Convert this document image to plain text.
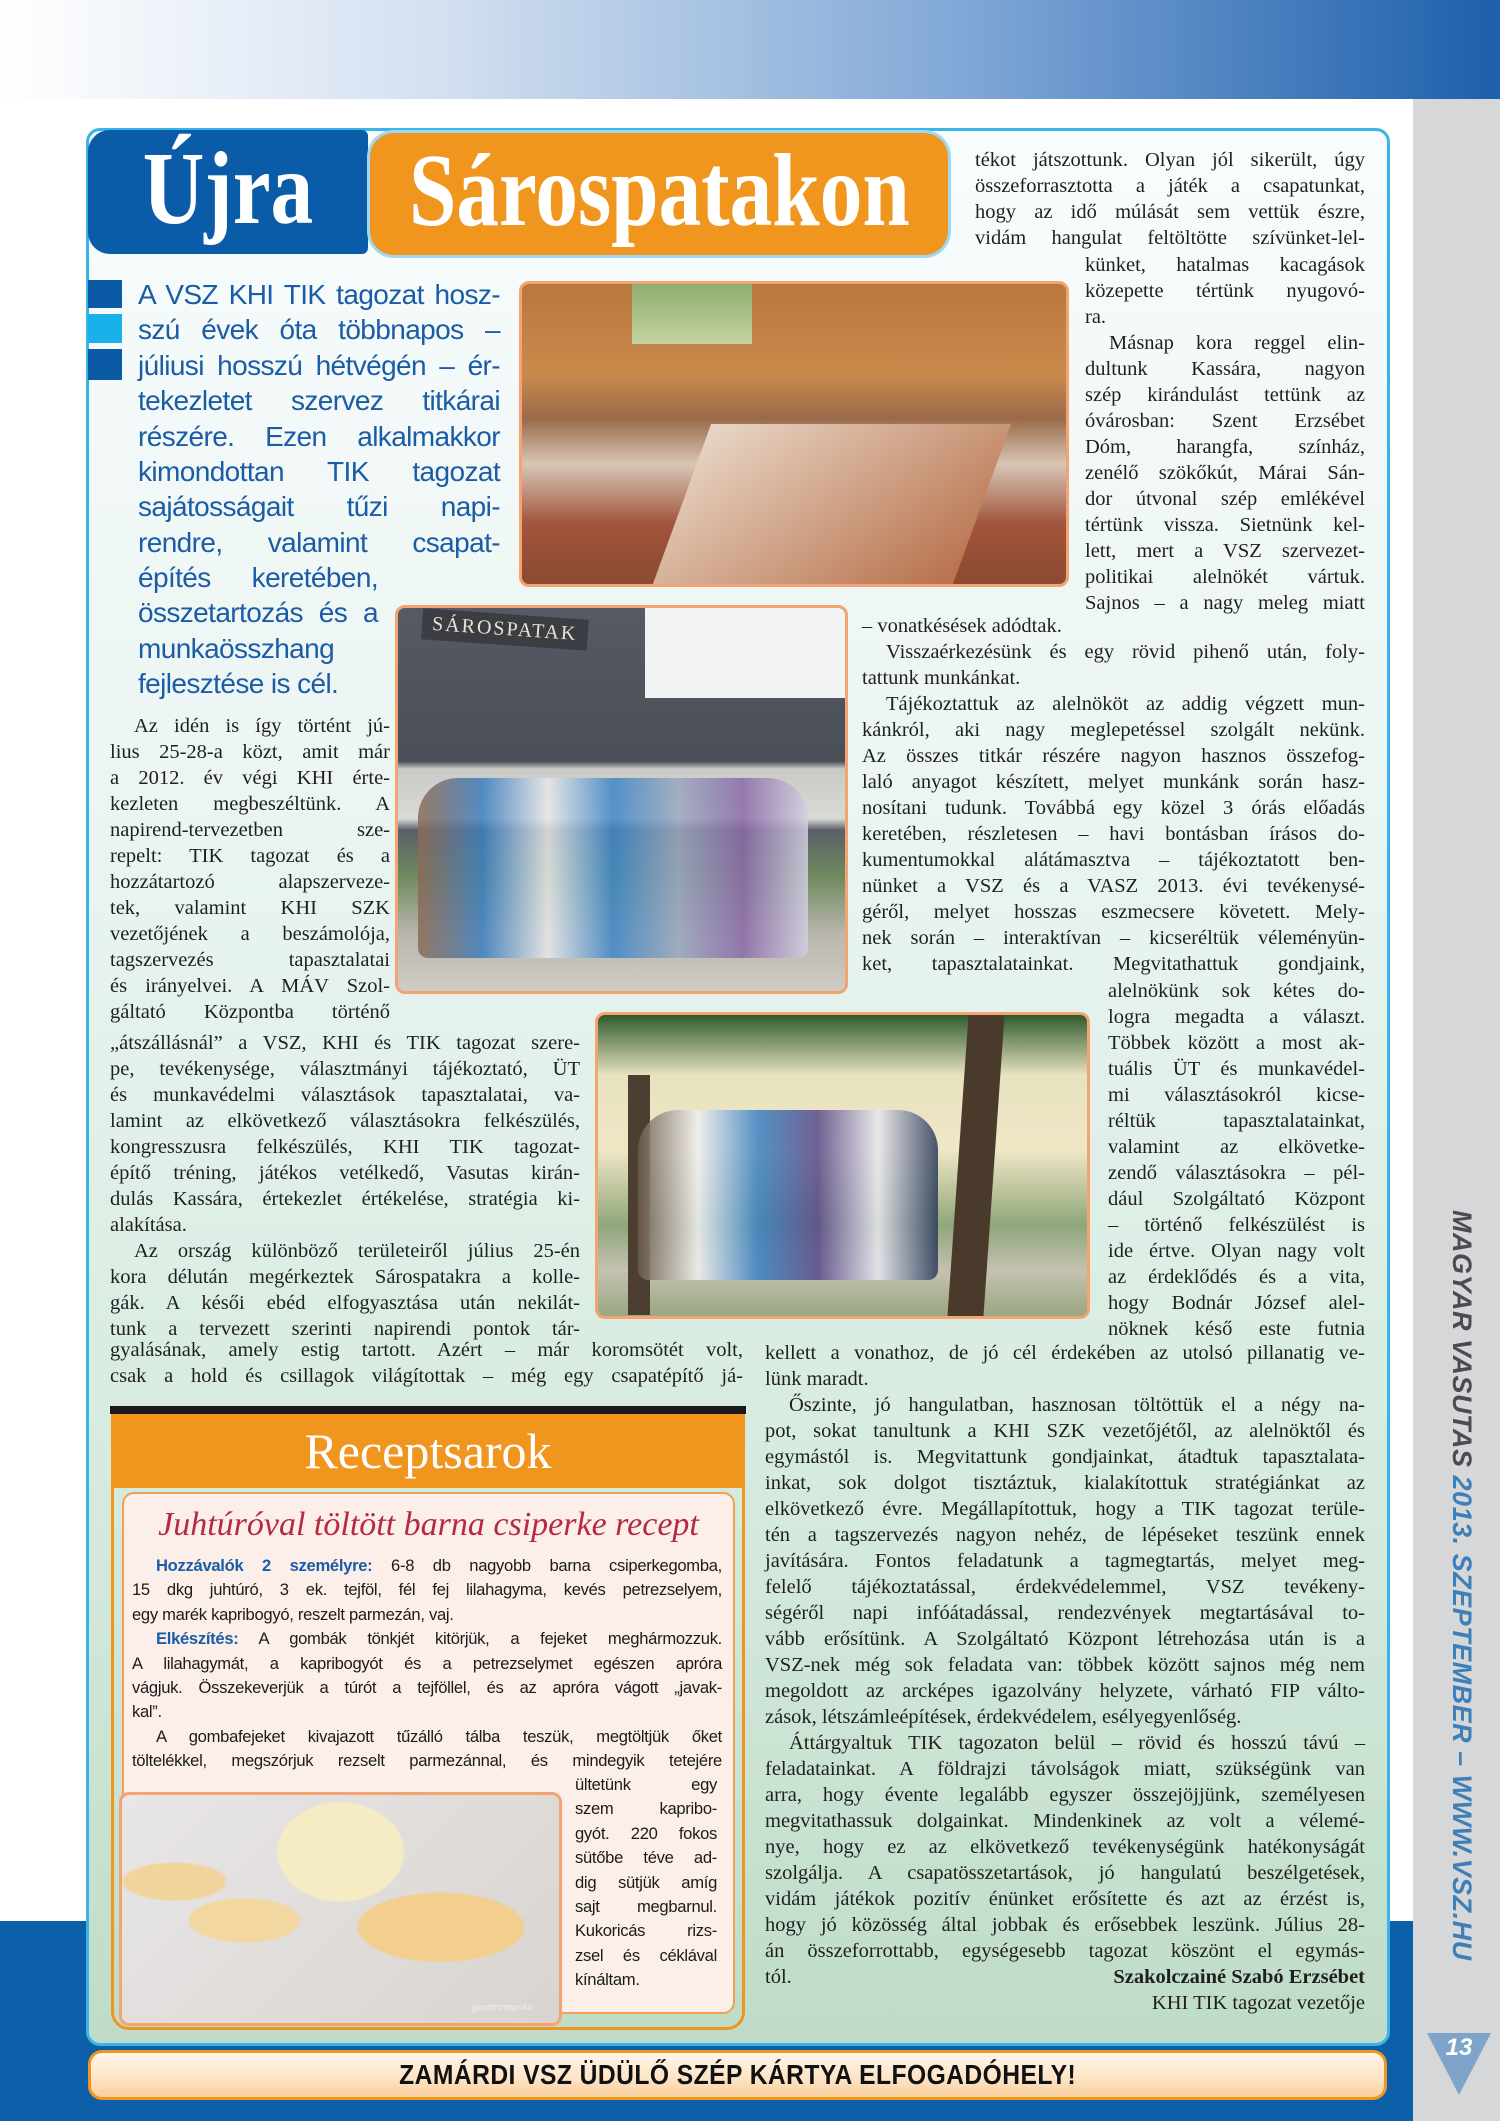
Újra Sárospatakon
A VSZ KHI TIK tagozat hosz-
szú évek óta többnapos –
júliusi hosszú hétvégén – ér-
tekezletet szervez titkárai
részére. Ezen alkalmakkor
kimondottan TIK tagozat
sajátosságait tűzi napi-
rendre, valamint csapat-
építés keretében,
összetartozás és a
munkaösszhang
fejlesztése is cél.
SÁROSPATAK
Az idén is így történt jú-
lius 25-28-a közt, amit már
a 2012. év végi KHI érte-
kezleten megbeszéltünk. A
napirend-tervezetben sze-
repelt: TIK tagozat és a
hozzátartozó alapszerveze-
tek, valamint KHI SZK
vezetőjének a beszámolója,
tagszervezés tapasztalatai
és irányelvei. A MÁV Szol-
gáltató Központba történő
„átszállásnál” a VSZ, KHI és TIK tagozat szere-
pe, tevékenysége, választmányi tájékoztató, ÜT
és munkavédelmi választások tapasztalatai, va-
lamint az elkövetkező választásokra felkészülés,
kongresszusra felkészülés, KHI TIK tagozat-
építő tréning, játékos vetélkedő, Vasutas kirán-
dulás Kassára, értekezlet értékelése, stratégia ki-
alakítása.
Az ország különböző területeiről július 25-én
kora délután megérkeztek Sárospatakra a kolle-
gák. A késői ebéd elfogyasztása után nekilát-
tunk a tervezett szerinti napirendi pontok tár-
gyalásának, amely estig tartott. Azért – már koromsötét volt,
csak a hold és csillagok világítottak – még egy csapatépítő já-
tékot játszottunk. Olyan jól sikerült, úgy
összeforrasztotta a játék a csapatunkat,
hogy az idő múlását sem vettük észre,
vidám hangulat feltöltötte szívünket-lel-
künket, hatalmas kacagások
közepette tértünk nyugovó-
ra.
Másnap kora reggel elin-
dultunk Kassára, nagyon
szép kirándulást tettünk az
óvárosban: Szent Erzsébet
Dóm, harangfa, színház,
zenélő szökőkút, Márai Sán-
dor útvonal szép emlékével
tértünk vissza. Sietnünk kel-
lett, mert a VSZ szervezet-
politikai alelnökét vártuk.
Sajnos – a nagy meleg miatt
– vonatkésések adódtak.
Visszaérkezésünk és egy rövid pihenő után, foly-
tattunk munkánkat.
Tájékoztattuk az alelnököt az addig végzett mun-
kánkról, aki nagy meglepetéssel szolgált nekünk.
Az összes titkár részére nagyon hasznos összefog-
laló anyagot készített, melyet munkánk során hasz-
nosítani tudunk. Továbbá egy közel 3 órás előadás
keretében, részletesen – havi bontásban írásos do-
kumentumokkal alátámasztva – tájékoztatott ben-
nünket a VSZ és a VASZ 2013. évi tevékenysé-
géről, melyet hosszas eszmecsere követett. Mely-
nek során – interaktívan – kicseréltük véleményün-
ket, tapasztalatainkat. Megvitathattuk gondjaink,
alelnökünk sok kétes do-
logra megadta a választ.
Többek között a most ak-
tuális ÜT és munkavédel-
mi választásokról kicse-
réltük tapasztalatainkat,
valamint az elkövetke-
zendő választásokra – pél-
dául Szolgáltató Központ
– történő felkészülést is
ide értve. Olyan nagy volt
az érdeklődés és a vita,
hogy Bodnár József alel-
nöknek késő este futnia
kellett a vonathoz, de jó cél érdekében az utolsó pillanatig ve-
lünk maradt.
Őszinte, jó hangulatban, hasznosan töltöttük el a négy na-
pot, sokat tanultunk a KHI SZK vezetőjétől, az alelnöktől és
egymástól is. Megvitattunk gondjainkat, átadtuk tapasztalata-
inkat, sok dolgot tisztáztuk, kialakítottuk stratégiánkat az
elkövetkező évre. Megállapítottuk, hogy a TIK tagozat terüle-
tén a tagszervezés nagyon nehéz, de lépéseket teszünk ennek
javítására. Fontos feladatunk a tagmegtartás, melyet meg-
felelő tájékoztatással, érdekvédelemmel, VSZ tevékeny-
ségéről napi infóátadással, rendezvények megtartásával to-
vább erősítünk. A Szolgáltató Központ létrehozása után is a
VSZ-nek még sok feladata van: többek között sajnos még nem
megoldott az arcképes igazolvány helyzete, várható FIP válto-
zások, létszámleépítések, érdekvédelem, esélyegyenlőség.
Áttárgyaltuk TIK tagozaton belül – rövid és hosszú távú –
feladatainkat. A földrajzi távolságok miatt, szükségünk van
arra, hogy évente legalább egyszer összejöjjünk, személyesen
megvitathassuk dolgainkat. Mindenkinek az volt a vélemé-
nye, hogy ez az elkövetkező tevékenységünk hatékonyságát
szolgálja. A csapatösszetartások, jó hangulatú beszélgetések,
vidám játékok pozitív énünket erősítette és azt az érzést is,
hogy jó közösség által jobbak és erősebbek leszünk. Július 28-
án összeforrottabb, egységesebb tagozat köszönt el egymás-
tól.	Szakolczainé Szabó Erzsébet
KHI TIK tagozat vezetője
Receptsarok
Juhtúróval töltött barna csiperke recept
Hozzávalók 2 személyre: 6-8 db nagyobb barna csiperkegomba,
15 dkg juhtúró, 3 ek. tejföl, fél fej lilahagyma, kevés petrezselyem,
egy marék kapribogyó, reszelt parmezán, vaj.
Elkészítés: A gombák tönkjét kitörjük, a fejeket meghármozzuk.
A lilahagymát, a kapribogyót és a petrezselymet egészen apróra
vágjuk. Összekeverjük a túrót a tejföllel, és az apróra vágott „javak-
kal”.
A gombafejeket kivajazott tűzálló tálba teszük, megtöltjük őket
töltelékkel, megszórjuk rezselt parmezánnal, és mindegyik tetejére
ültetünk egy
szem kapribo-
gyót. 220 fokos
sütőbe téve ad-
dig sütjük amíg
sajt megbarnul.
Kukoricás rizs-
zsel és céklával
kínáltam.
gasztromanko
ZAMÁRDI VSZ ÜDÜLŐ SZÉP KÁRTYA ELFOGADÓHELY!
13
MAGYAR VASUTAS 2013. SZEPTEMBER – WWW.VSZ.HU
